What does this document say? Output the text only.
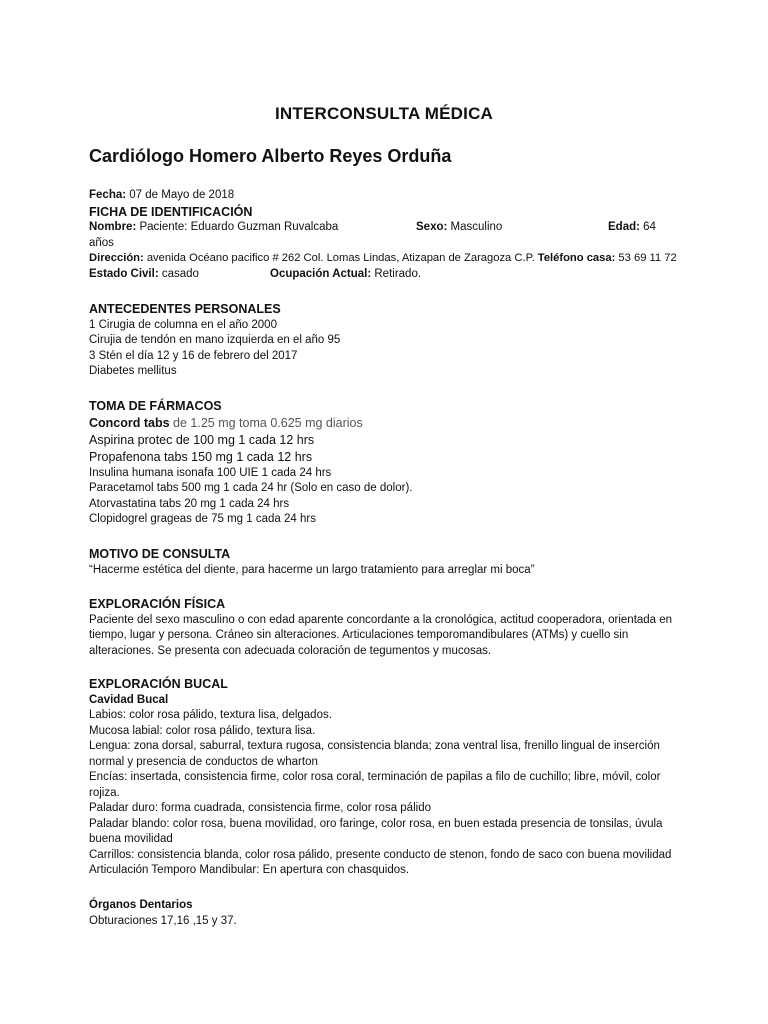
INTERCONSULTA MÉDICA
Cardiólogo Homero Alberto Reyes Orduña
Fecha: 07 de Mayo de 2018
FICHA DE IDENTIFICACIÓN
Nombre: Paciente: Eduardo Guzman Ruvalcaba	Sexo: Masculino	Edad: 64
años
Dirección: avenida Océano pacifico # 262 Col. Lomas Lindas, Atizapan de Zaragoza C.P. Teléfono casa: 53 69 11 72
Estado Civil: casado	Ocupación Actual: Retirado.
ANTECEDENTES PERSONALES
1 Cirugia de columna en el año 2000
Cirujia de tendón en mano izquierda en el año 95
3 Stén el día 12 y 16 de febrero del 2017
Diabetes mellitus
TOMA DE FÁRMACOS
Concord tabs de 1.25 mg toma 0.625 mg diarios
Aspirina protec de 100 mg 1 cada 12 hrs
Propafenona tabs 150 mg 1 cada 12 hrs
Insulina humana isonafa 100 UIE 1 cada 24 hrs
Paracetamol tabs 500 mg 1 cada 24 hr (Solo en caso de dolor).
Atorvastatina tabs 20 mg 1 cada 24 hrs
Clopidogrel grageas de 75 mg 1 cada 24 hrs
MOTIVO DE CONSULTA
“Hacerme estética del diente, para hacerme un largo tratamiento para arreglar mi boca”
EXPLORACIÓN FÍSICA
Paciente del sexo masculino o con edad aparente concordante a la cronológica, actitud cooperadora, orientada en
tiempo, lugar y persona. Cráneo sin alteraciones. Articulaciones temporomandibulares (ATMs) y cuello sin
alteraciones. Se presenta con adecuada coloración de tegumentos y mucosas.
EXPLORACIÓN BUCAL
Cavidad Bucal
Labios: color rosa pálido, textura lisa, delgados.
Mucosa labial: color rosa pálido, textura lisa.
Lengua: zona dorsal, saburral, textura rugosa, consistencia blanda; zona ventral lisa, frenillo lingual de inserción
normal y presencia de conductos de wharton
Encías: insertada, consistencia firme, color rosa coral, terminación de papilas a filo de cuchillo; libre, móvil, color
rojiza.
Paladar duro: forma cuadrada, consistencia firme, color rosa pálido
Paladar blando: color rosa, buena movilidad, oro faringe, color rosa, en buen estada presencia de tonsilas, úvula
buena movilidad
Carrillos: consistencia blanda, color rosa pálido, presente conducto de stenon, fondo de saco con buena movilidad
Articulación Temporo Mandibular: En apertura con chasquidos.
Órganos Dentarios
Obturaciones 17,16 ,15 y 37.
